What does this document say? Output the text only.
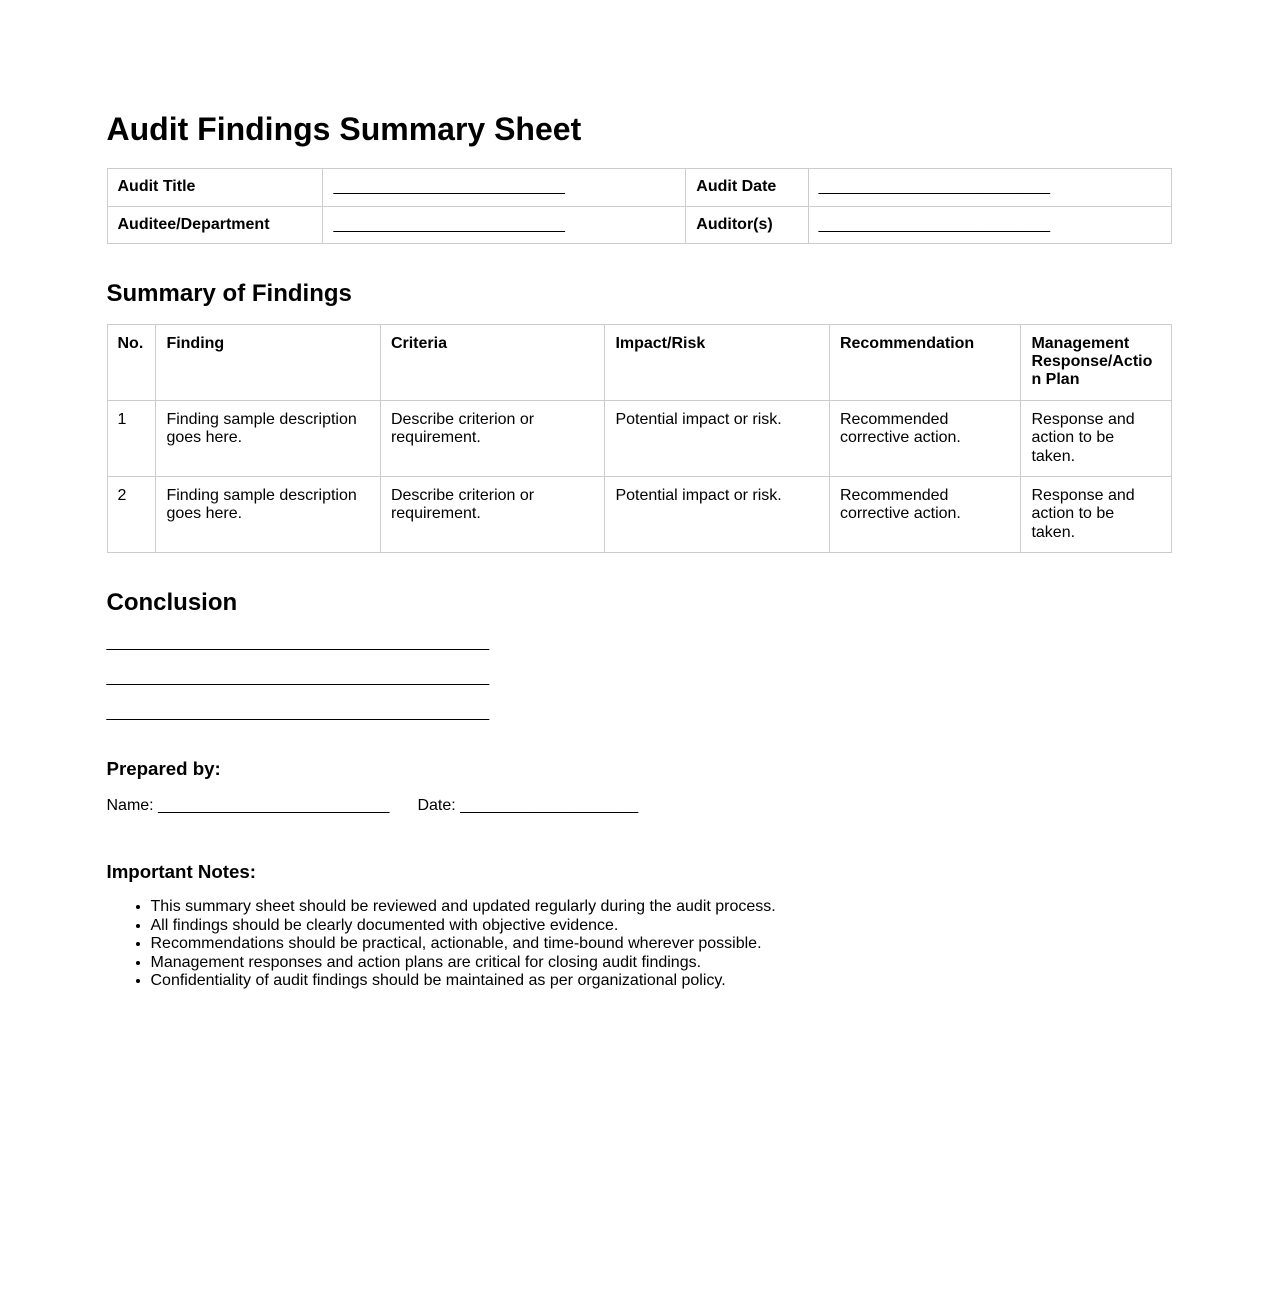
Audit Findings Summary Sheet
Audit Title	__________________________	Audit Date	__________________________
Auditee/Department	__________________________	Auditor(s)	__________________________
Summary of Findings
No.	Finding	Criteria	Impact/Risk	Recommendation	Management Response/Action Plan
1	Finding sample description goes here.	Describe criterion or requirement.	Potential impact or risk.	Recommended corrective action.	Response and action to be taken.
2	Finding sample description goes here.	Describe criterion or requirement.	Potential impact or risk.	Recommended corrective action.	Response and action to be taken.
Conclusion

___________________________________________

___________________________________________

___________________________________________

Prepared by:

Name: __________________________ Date: ____________________

Important Notes:
• This summary sheet should be reviewed and updated regularly during the audit process.
• All findings should be clearly documented with objective evidence.
• Recommendations should be practical, actionable, and time-bound wherever possible.
• Management responses and action plans are critical for closing audit findings.
• Confidentiality of audit findings should be maintained as per organizational policy.
